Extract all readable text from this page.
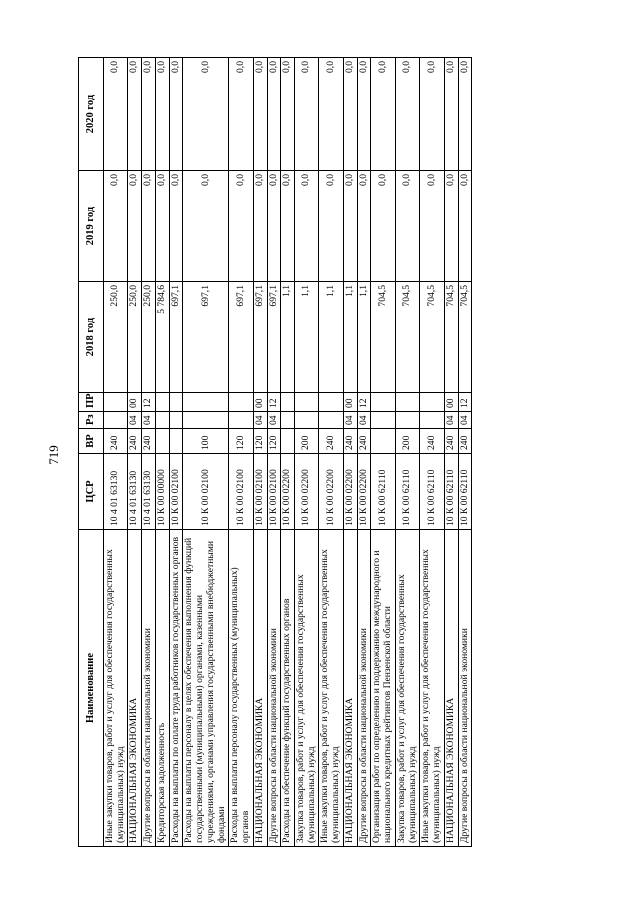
719
Наименование	ЦСР	ВР	Рз	ПР	2018 год	2019 год	2020 год
Иные закупки товаров, работ и услуг для обеспечения государственных (муниципальных) нужд	10 4 01 63130	240			250,0	0,0	0,0
НАЦИОНАЛЬНАЯ ЭКОНОМИКА	10 4 01 63130	240	04	00	250,0	0,0	0,0
Другие вопросы в области национальной экономики	10 4 01 63130	240	04	12	250,0	0,0	0,0
Кредиторская задолженность	10 К 00 00000				5 784,6	0,0	0,0
Расходы на выплаты по оплате труда работников государственных органов	10 К 00 02100				697,1	0,0	0,0
Расходы на выплаты персоналу в целях обеспечения выполнения функций государственными (муниципальными) органами, казенными учреждениями, органами управления государственными внебюджетными фондами	10 К 00 02100	100			697,1	0,0	0,0
Расходы на выплаты персоналу государственных (муниципальных) органов	10 К 00 02100	120			697,1	0,0	0,0
НАЦИОНАЛЬНАЯ ЭКОНОМИКА	10 К 00 02100	120	04	00	697,1	0,0	0,0
Другие вопросы в области национальной экономики	10 К 00 02100	120	04	12	697,1	0,0	0,0
Расходы на обеспечение функций государственных органов	10 К 00 02200				1,1	0,0	0,0
Закупка товаров, работ и услуг для обеспечения государственных (муниципальных) нужд	10 К 00 02200	200			1,1	0,0	0,0
Иные закупки товаров, работ и услуг для обеспечения государственных (муниципальных) нужд	10 К 00 02200	240			1,1	0,0	0,0
НАЦИОНАЛЬНАЯ ЭКОНОМИКА	10 К 00 02200	240	04	00	1,1	0,0	0,0
Другие вопросы в области национальной экономики	10 К 00 02200	240	04	12	1,1	0,0	0,0
Организация работ по определению и поддержанию международного и национального кредитных рейтингов Пензенской области	10 К 00 62110				704,5	0,0	0,0
Закупка товаров, работ и услуг для обеспечения государственных (муниципальных) нужд	10 К 00 62110	200			704,5	0,0	0,0
Иные закупки товаров, работ и услуг для обеспечения государственных (муниципальных) нужд	10 К 00 62110	240			704,5	0,0	0,0
НАЦИОНАЛЬНАЯ ЭКОНОМИКА	10 К 00 62110	240	04	00	704,5	0,0	0,0
Другие вопросы в области национальной экономики	10 К 00 62110	240	04	12	704,5	0,0	0,0
